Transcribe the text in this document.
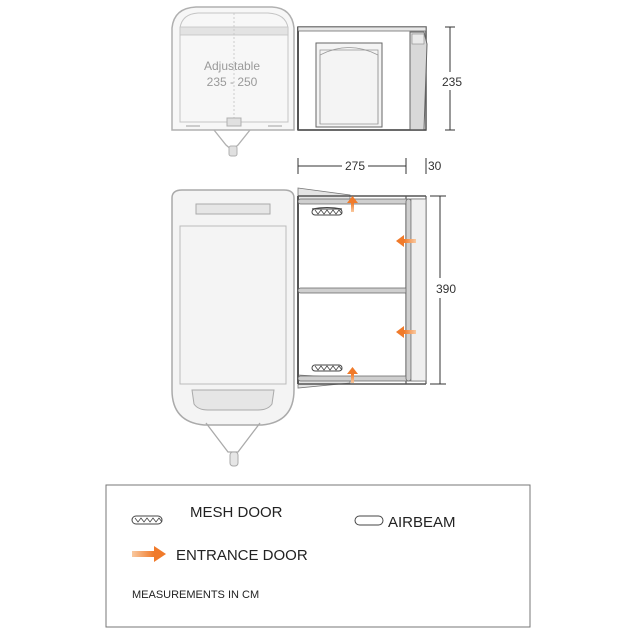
Adjustable
235 - 250	235
275	30
390
MESH DOOR
AIRBEAM
ENTRANCE DOOR
MEASUREMENTS IN CM
